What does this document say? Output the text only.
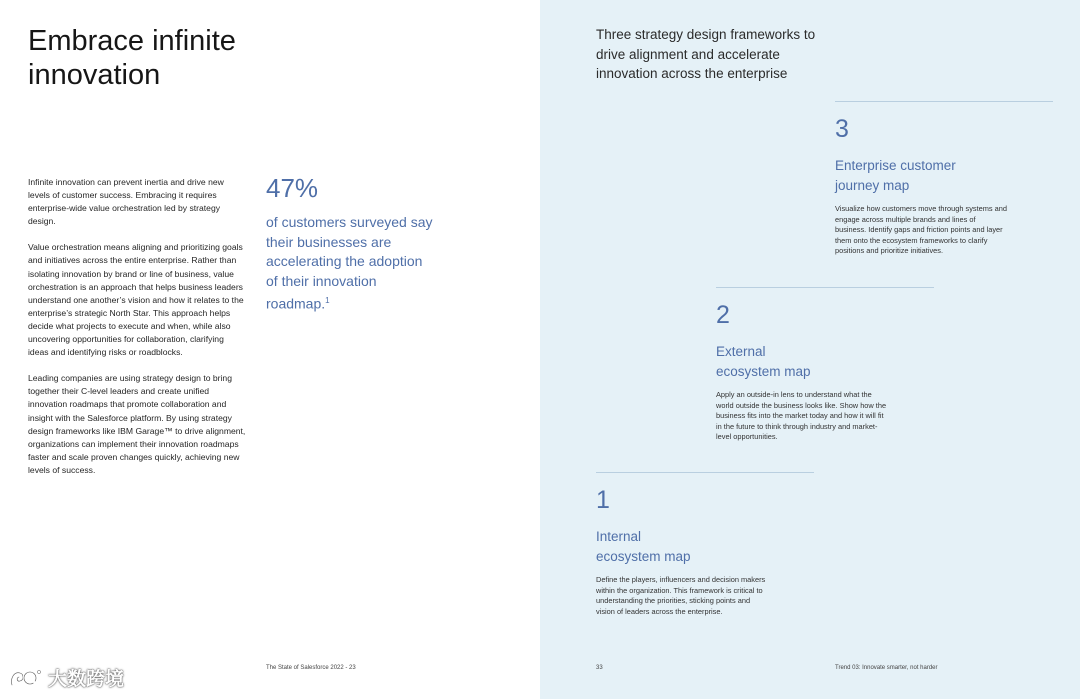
Embrace infinite
innovation

Infinite innovation can prevent inertia and drive new levels of customer success. Embracing it requires enterprise-wide value orchestration led by strategy design.

Value orchestration means aligning and prioritizing goals and initiatives across the entire enterprise. Rather than isolating innovation by brand or line of business, value orchestration is an approach that helps business leaders understand one another’s vision and how it relates to the enterprise’s strategic North Star. This approach helps decide what projects to execute and when, while also uncovering opportunities for collaboration, clarifying ideas and identifying risks or roadblocks.

Leading companies are using strategy design to bring together their C-level leaders and create unified innovation roadmaps that promote collaboration and insight with the Salesforce platform. By using strategy design frameworks like IBM Garage™ to drive alignment, organizations can implement their innovation roadmaps faster and scale proven changes quickly, achieving new levels of success.

47%
of customers surveyed say their businesses are accelerating the adoption of their innovation roadmap.$^1$
The State of Salesforce 2022 - 23
Three strategy design frameworks to drive alignment and accelerate innovation across the enterprise
3
Enterprise customer
journey map
Visualize how customers move through systems and engage across multiple brands and lines of business. Identify gaps and friction points and layer them onto the ecosystem frameworks to clarify positions and prioritize initiatives.
2
External
ecosystem map
Apply an outside-in lens to understand what the world outside the business looks like. Show how the business fits into the market today and how it will fit in the future to think through industry and market-level opportunities.
1
Internal
ecosystem map
Define the players, influencers and decision makers within the organization. This framework is critical to understanding the priorities, sticking points and vision of leaders across the enterprise.
33	Trend 03: Innovate smarter, not harder
大数跨境
